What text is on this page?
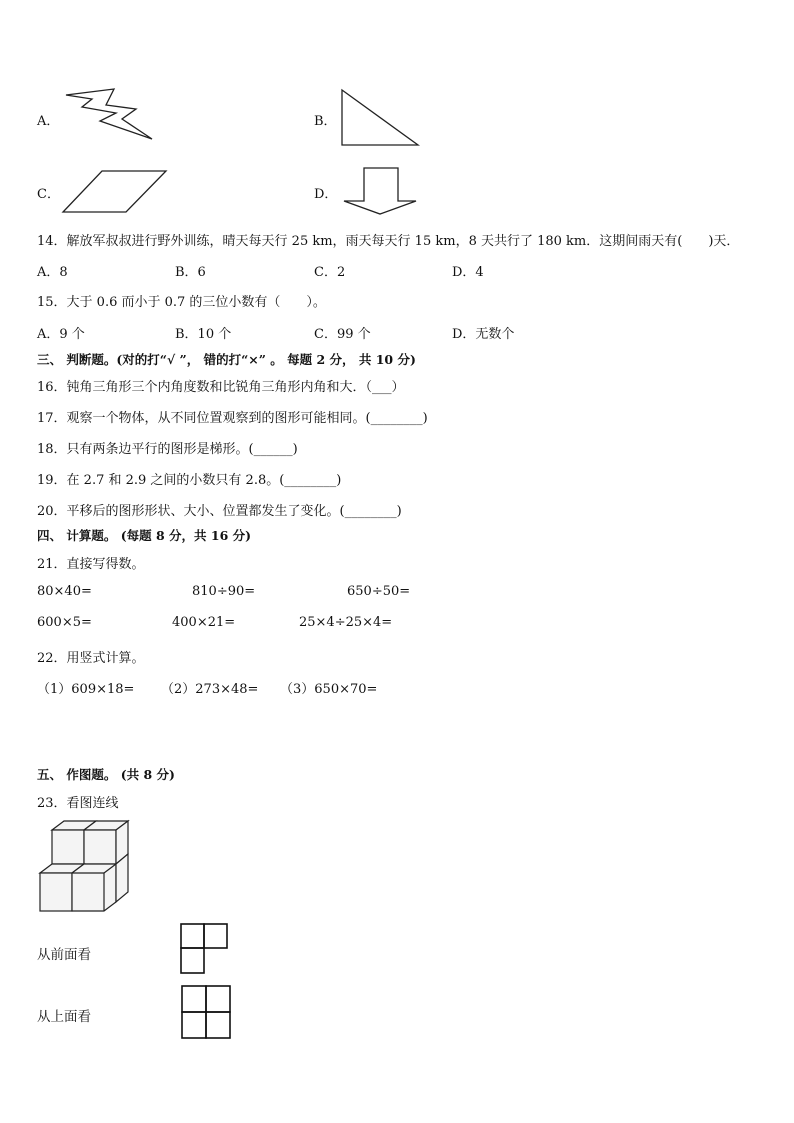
A．	B．
C．	D．
14．解放军叔叔进行野外训练，晴天每天行 25 km，雨天每天行 15 km，8 天共行了 180 km．这期间雨天有(　　)天．
A．8	B．6	C．2	D．4
15．大于 0.6 而小于 0.7 的三位小数有（　　）。
A．9 个	B．10 个	C．99 个	D．无数个
三、 判断题。(对的打“√ ”， 错的打“×” 。 每题 2 分， 共 10 分)
16．钝角三角形三个内角度数和比锐角三角形内角和大．（___）
17．观察一个物体，从不同位置观察到的图形可能相同。(________)
18．只有两条边平行的图形是梯形。(______)
19．在 2.7 和 2.9 之间的小数只有 2.8。(________)
20．平移后的图形形状、大小、位置都发生了变化。(________)
四、 计算题。 (每题 8 分，共 16 分)
21．直接写得数。
80×40=	810÷90=	650÷50=
600×5=	400×21=	25×4÷25×4=
22．用竖式计算。
（1）609×18= （2）273×48= （3）650×70=
五、 作图题。 (共 8 分)
23．看图连线
从前面看
从上面看
